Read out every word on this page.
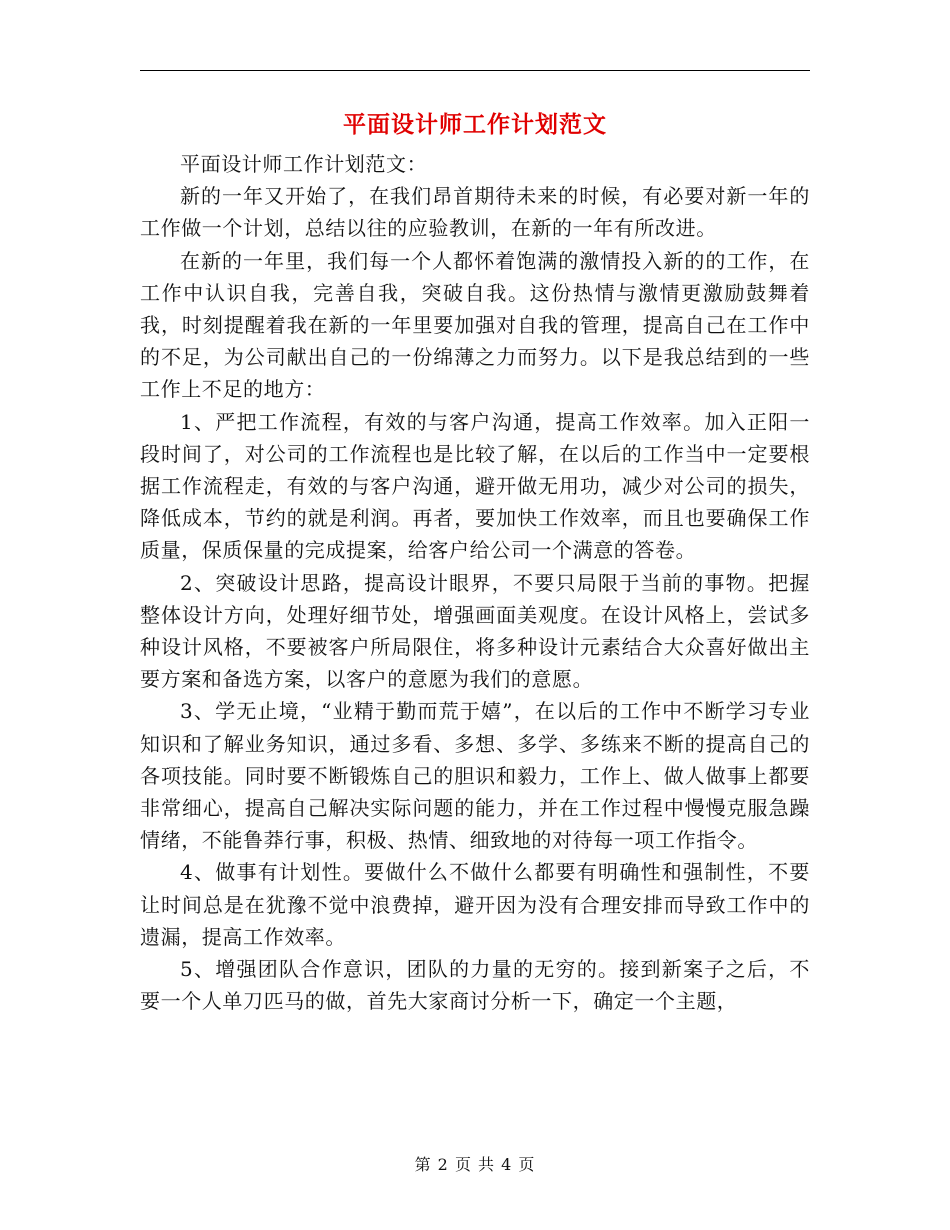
平面设计师工作计划范文

平面设计师工作计划范文：

新的一年又开始了，在我们昂首期待未来的时候，有必要对新一年的工作做一个计划，总结以往的应验教训，在新的一年有所改进。

在新的一年里，我们每一个人都怀着饱满的激情投入新的的工作，在工作中认识自我，完善自我，突破自我。这份热情与激情更激励鼓舞着我，时刻提醒着我在新的一年里要加强对自我的管理，提高自己在工作中的不足，为公司献出自己的一份绵薄之力而努力。以下是我总结到的一些工作上不足的地方：

1、严把工作流程，有效的与客户沟通，提高工作效率。加入正阳一段时间了，对公司的工作流程也是比较了解，在以后的工作当中一定要根据工作流程走，有效的与客户沟通，避开做无用功，减少对公司的损失，降低成本，节约的就是利润。再者，要加快工作效率，而且也要确保工作质量，保质保量的完成提案，给客户给公司一个满意的答卷。

2、突破设计思路，提高设计眼界，不要只局限于当前的事物。把握整体设计方向，处理好细节处，增强画面美观度。在设计风格上，尝试多种设计风格，不要被客户所局限住，将多种设计元素结合大众喜好做出主要方案和备选方案，以客户的意愿为我们的意愿。

3、学无止境，“业精于勤而荒于嬉”，在以后的工作中不断学习专业知识和了解业务知识，通过多看、多想、多学、多练来不断的提高自己的各项技能。同时要不断锻炼自己的胆识和毅力，工作上、做人做事上都要非常细心，提高自己解决实际问题的能力，并在工作过程中慢慢克服急躁情绪，不能鲁莽行事，积极、热情、细致地的对待每一项工作指令。

4、做事有计划性。要做什么不做什么都要有明确性和强制性，不要让时间总是在犹豫不觉中浪费掉，避开因为没有合理安排而导致工作中的遗漏，提高工作效率。

5、增强团队合作意识，团队的力量的无穷的。接到新案子之后，不要一个人单刀匹马的做，首先大家商讨分析一下，确定一个主题，

第 2 页 共 4 页
